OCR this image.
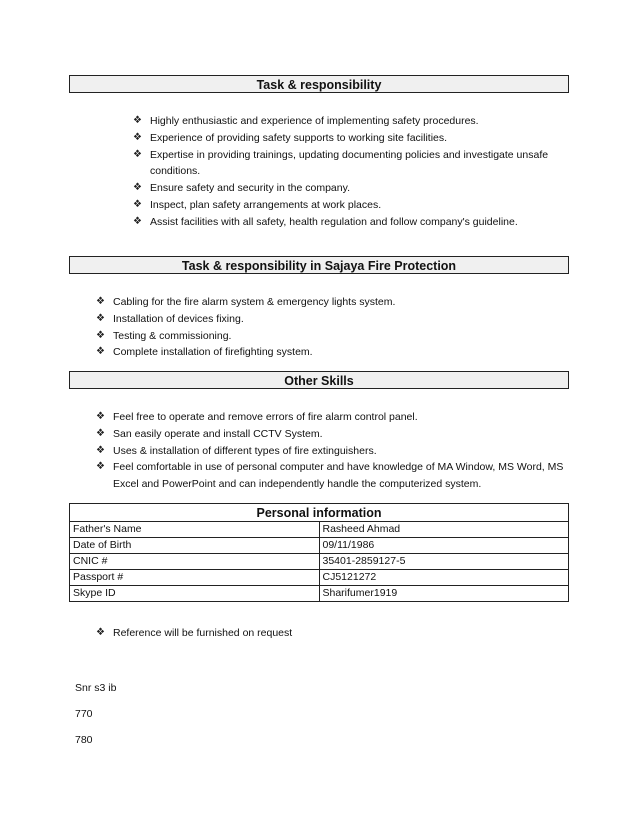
Task & responsibility
❖ Highly enthusiastic and experience of implementing safety procedures.
❖ Experience of providing safety supports to working site facilities.
❖ Expertise in providing trainings, updating documenting policies and investigate unsafe conditions.
❖ Ensure safety and security in the company.
❖ Inspect, plan safety arrangements at work places.
❖ Assist facilities with all safety, health regulation and follow company's guideline.
Task & responsibility in Sajaya Fire Protection
❖ Cabling for the fire alarm system & emergency lights system.
❖ Installation of devices fixing.
❖ Testing & commissioning.
❖ Complete installation of firefighting system.
Other Skills
❖ Feel free to operate and remove errors of fire alarm control panel.
❖ San easily operate and install CCTV System.
❖ Uses & installation of different types of fire extinguishers.
❖ Feel comfortable in use of personal computer and have knowledge of MA Window, MS Word, MS Excel and PowerPoint and can independently handle the computerized system.
Personal information	
Father's Name	Rasheed Ahmad
Date of Birth	09/11/1986
CNIC #	35401-2859127-5
Passport #	CJ5121272
Skype ID	Sharifumer1919
❖ Reference will be furnished on request
Snr s3 ib
770
780
